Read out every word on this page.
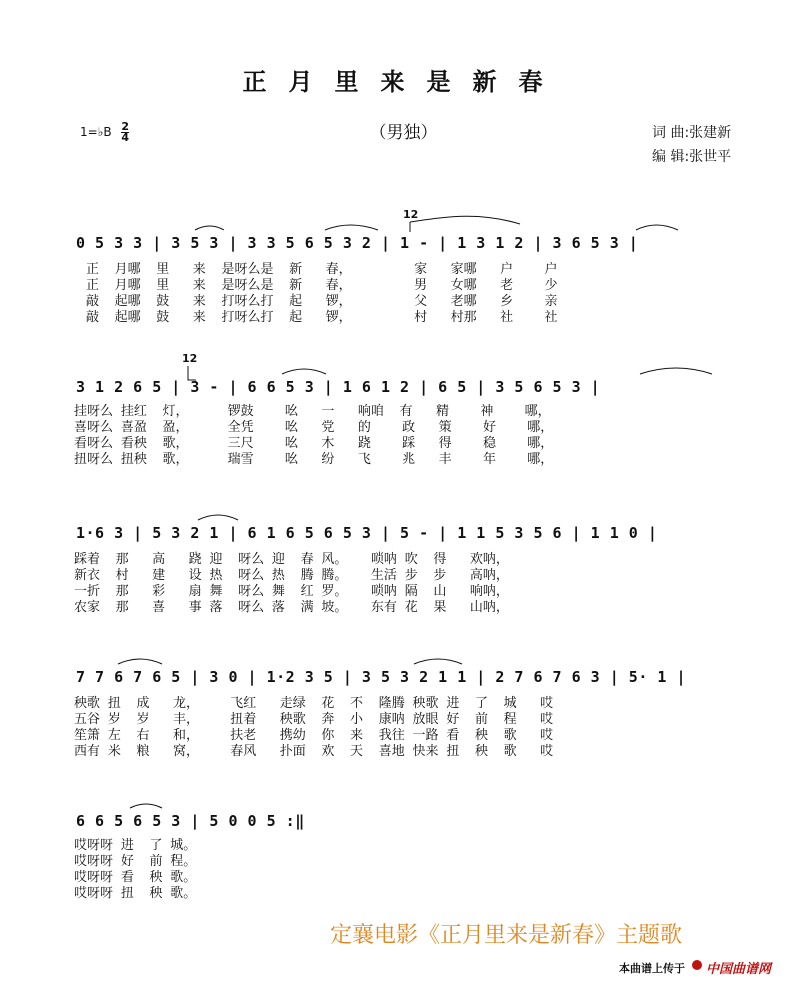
正月里来是新春
（男独）
1=♭B $\frac{2}{4}$	词 曲:张建新
编 辑:张世平
12
0 5 3 3 | 3 5 3 | 3 3 5 6 5 3 2 | 1 - | 1 3 1 2 | 3 6 5 3 |
正  月哪  里   来  是呀么是  新   春，        家   家哪   户    户
正  月哪  里   来  是呀么是  新   春，        男   女哪   老    少
敲  起哪  鼓   来  打呀么打  起   锣，        父   老哪   乡    亲
敲  起哪  鼓   来  打呀么打  起   锣，        村   村那   社    社
12
3 1 2 6 5 | 3 - | 6 6 5 3 | 1 6 1 2 | 6 5 | 3 5 6 5 3 |
挂呀么 挂红  灯，     锣鼓    吆   一   响咱  有   精    神    哪，
喜呀么 喜盈  盈，     全凭    吆   党   的    政   策    好    哪，
看呀么 看秧  歌，     三尺    吆   木   跷    踩   得    稳    哪，
扭呀么 扭秧  歌，     瑞雪    吆   纷   飞    兆   丰    年    哪，
1·6 3 | 5 3 2 1 | 6 1 6 5 6 5 3 | 5 - | 1 1 5 3 5 6 | 1 1 0 |
踩着  那   高   跷 迎  呀么 迎  春 风。   唢呐 吹  得   欢呐，
新衣  村   建   设 热  呀么 热  腾 腾。   生活 步  步   高呐，
一折  那   彩   扇 舞  呀么 舞  红 罗。   唢呐 隔  山   响呐，
农家  那   喜   事 落  呀么 落  满 坡。   东有 花  果   山呐，
7 7 6 7 6 5 | 3 0 | 1·2 3 5 | 3 5 3 2 1 1 | 2 7 6 7 6 3 | 5· 1 |
秧歌 扭  成   龙，    飞红   走绿  花  不  隆腾 秧歌 进  了  城   哎
五谷 岁  岁   丰，    扭着   秧歌  奔  小  康呐 放眼 好  前  程   哎
笙箫 左  右   和，    扶老   携幼  你  来  我往 一路 看  秧  歌   哎
西有 米  粮   窝，    春风   扑面  欢  天  喜地 快来 扭  秧  歌   哎
6 6 5 6 5 3 | 5 0 0 5 :‖
哎呀呀 进  了 城。
哎呀呀 好  前 程。
哎呀呀 看  秧 歌。
哎呀呀 扭  秧 歌。
定襄电影《正月里来是新春》主题歌
本曲谱上传于 中国曲谱网
